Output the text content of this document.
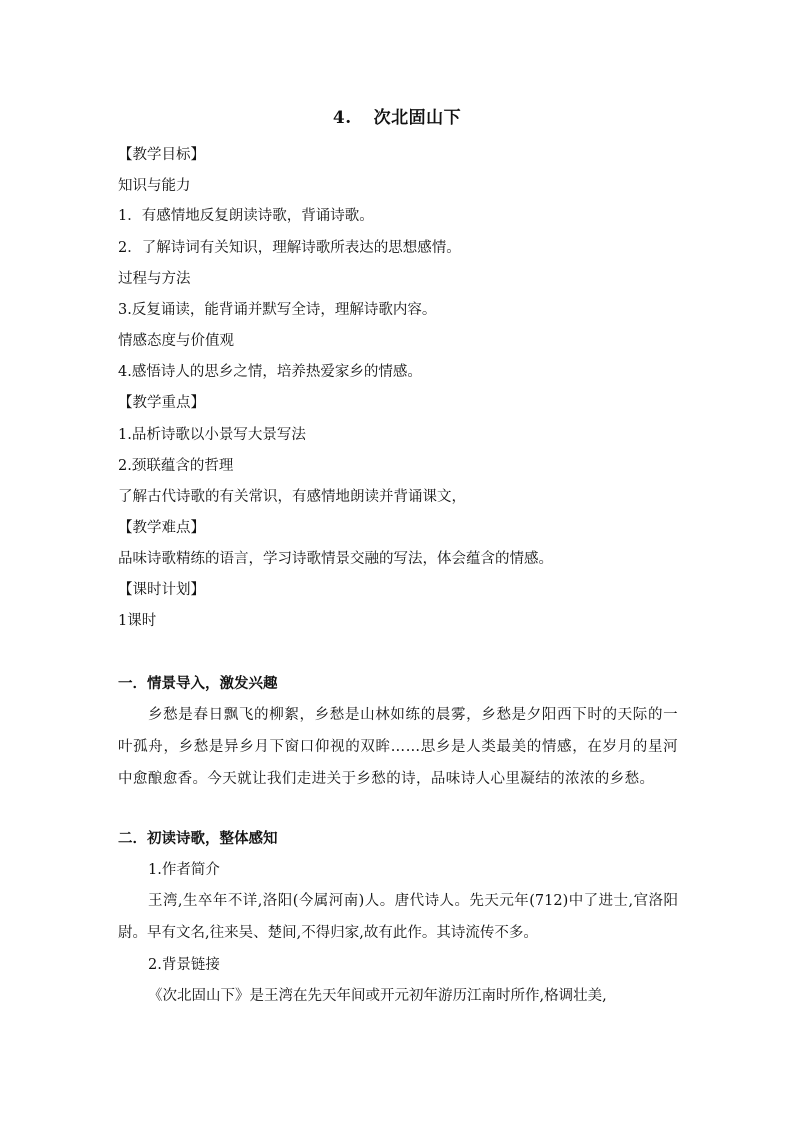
4. 次北固山下
【教学目标】
知识与能力
1．有感情地反复朗读诗歌，背诵诗歌。
2．了解诗词有关知识，理解诗歌所表达的思想感情。
过程与方法
3.反复诵读，能背诵并默写全诗，理解诗歌内容。
情感态度与价值观
4.感悟诗人的思乡之情，培养热爱家乡的情感。
【教学重点】
1.品析诗歌以小景写大景写法
2.颈联蕴含的哲理
了解古代诗歌的有关常识，有感情地朗读并背诵课文，
【教学难点】
品味诗歌精练的语言，学习诗歌情景交融的写法，体会蕴含的情感。
【课时计划】
1课时
一．情景导入，激发兴趣
乡愁是春日飘飞的柳絮，乡愁是山林如练的晨雾，乡愁是夕阳西下时的天际的一叶孤舟，乡愁是异乡月下窗口仰视的双眸……思乡是人类最美的情感，在岁月的星河中愈酿愈香。今天就让我们走进关于乡愁的诗，品味诗人心里凝结的浓浓的乡愁。
二．初读诗歌，整体感知
1.作者简介
王湾,生卒年不详,洛阳(今属河南)人。唐代诗人。先天元年(712)中了进士,官洛阳尉。早有文名,往来吴、楚间,不得归家,故有此作。其诗流传不多。
2.背景链接
《次北固山下》是王湾在先天年间或开元初年游历江南时所作,格调壮美,
